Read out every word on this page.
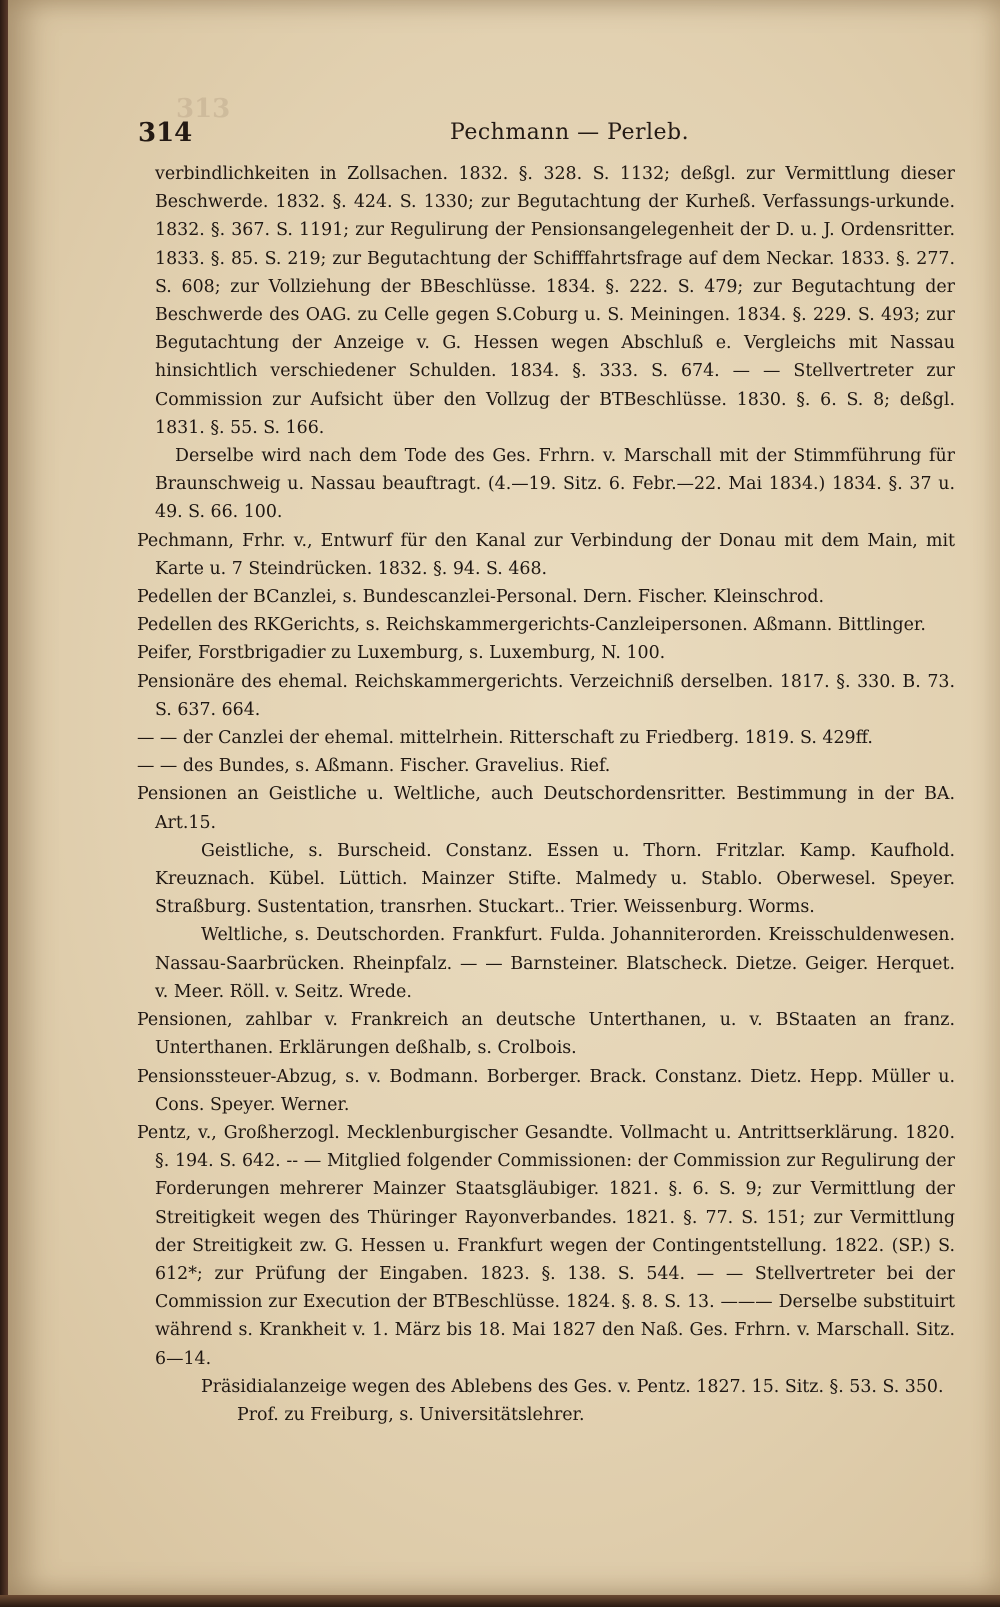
313
314	Pechmann — Perleb.

verbindlichkeiten in Zollsachen. 1832. §. 328. S. 1132; deßgl. zur Vermittlung dieser Beschwerde. 1832. §. 424. S. 1330; zur Begutachtung der Kurheß. Verfassungs-urkunde. 1832. §. 367. S. 1191; zur Regulirung der Pensionsangelegenheit der D. u. J. Ordensritter. 1833. §. 85. S. 219; zur Begutachtung der Schifffahrtsfrage auf dem Neckar. 1833. §. 277. S. 608; zur Vollziehung der BBeschlüsse. 1834. §. 222. S. 479; zur Begutachtung der Beschwerde des OAG. zu Celle gegen S.Coburg u. S. Meiningen. 1834. §. 229. S. 493; zur Begutachtung der Anzeige v. G. Hessen wegen Abschluß e. Vergleichs mit Nassau hinsichtlich verschiedener Schulden. 1834. §. 333. S. 674. — — Stellvertreter zur Commission zur Aufsicht über den Vollzug der BTBeschlüsse. 1830. §. 6. S. 8; deßgl. 1831. §. 55. S. 166.

Derselbe wird nach dem Tode des Ges. Frhrn. v. Marschall mit der Stimmführung für Braunschweig u. Nassau beauftragt. (4.—19. Sitz. 6. Febr.—22. Mai 1834.) 1834. §. 37 u. 49. S. 66. 100.

Pechmann, Frhr. v., Entwurf für den Kanal zur Verbindung der Donau mit dem Main, mit Karte u. 7 Steindrücken. 1832. §. 94. S. 468.

Pedellen der BCanzlei, s. Bundescanzlei-Personal. Dern. Fischer. Kleinschrod.

Pedellen des RKGerichts, s. Reichskammergerichts-Canzleipersonen. Aßmann. Bittlinger.

Peifer, Forstbrigadier zu Luxemburg, s. Luxemburg, N. 100.

Pensionäre des ehemal. Reichskammergerichts. Verzeichniß derselben. 1817. §. 330. B. 73. S. 637. 664.

— — der Canzlei der ehemal. mittelrhein. Ritterschaft zu Friedberg. 1819. S. 429ff.

— — des Bundes, s. Aßmann. Fischer. Gravelius. Rief.

Pensionen an Geistliche u. Weltliche, auch Deutschordensritter. Bestimmung in der BA. Art.15.

Geistliche, s. Burscheid. Constanz. Essen u. Thorn. Fritzlar. Kamp. Kaufhold. Kreuznach. Kübel. Lüttich. Mainzer Stifte. Malmedy u. Stablo. Oberwesel. Speyer. Straßburg. Sustentation, transrhen. Stuckart.. Trier. Weissenburg. Worms.

Weltliche, s. Deutschorden. Frankfurt. Fulda. Johanniterorden. Kreisschuldenwesen. Nassau-Saarbrücken. Rheinpfalz. — — Barnsteiner. Blatscheck. Dietze. Geiger. Herquet. v. Meer. Röll. v. Seitz. Wrede.

Pensionen, zahlbar v. Frankreich an deutsche Unterthanen, u. v. BStaaten an franz. Unterthanen. Erklärungen deßhalb, s. Crolbois.

Pensionssteuer-Abzug, s. v. Bodmann. Borberger. Brack. Constanz. Dietz. Hepp. Müller u. Cons. Speyer. Werner.

Pentz, v., Großherzogl. Mecklenburgischer Gesandte. Vollmacht u. Antrittserklärung. 1820. §. 194. S. 642. -- — Mitglied folgender Commissionen: der Commission zur Regulirung der Forderungen mehrerer Mainzer Staatsgläubiger. 1821. §. 6. S. 9; zur Vermittlung der Streitigkeit wegen des Thüringer Rayonverbandes. 1821. §. 77. S. 151; zur Vermittlung der Streitigkeit zw. G. Hessen u. Frankfurt wegen der Contingentstellung. 1822. (SP.) S. 612*; zur Prüfung der Eingaben. 1823. §. 138. S. 544. — — Stellvertreter bei der Commission zur Execution der BTBeschlüsse. 1824. §. 8. S. 13. ——— Derselbe substituirt während s. Krankheit v. 1. März bis 18. Mai 1827 den Naß. Ges. Frhrn. v. Marschall. Sitz. 6—14.

Präsidialanzeige wegen des Ablebens des Ges. v. Pentz. 1827. 15. Sitz. §. 53. S. 350.

Prof. zu Freiburg, s. Universitätslehrer.
